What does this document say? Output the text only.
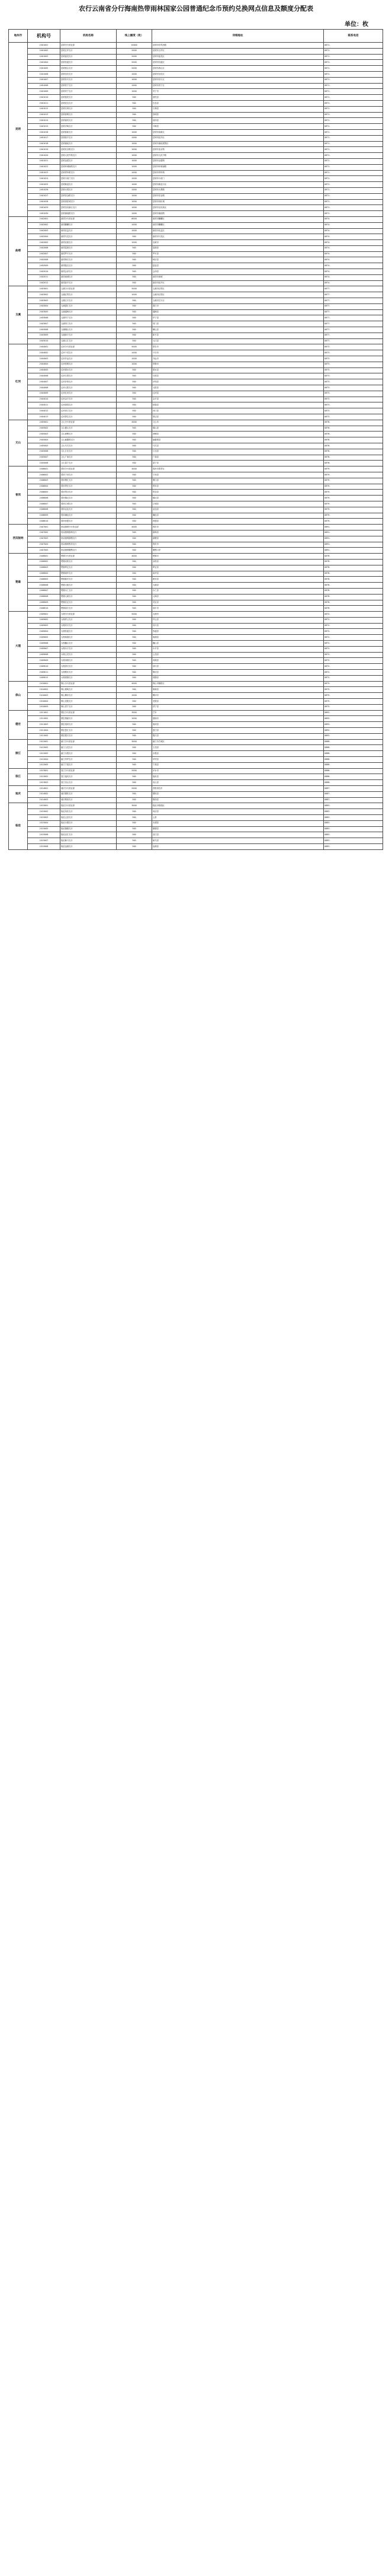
农行云南省分行海南热带雨林国家公园普通纪念币预约兑换网点信息及额度分配表
单位：枚
地州市	机构号	机构名称	线上额度（枚）	详细地址	联系电话
昆明	2401001	昆明分行营业部	10000	昆明市东风西路	0871-
	2401002	昆明五华支行	2000	昆明市五华区	0871-
	2401003	昆明盘龙支行	2000	昆明市盘龙区	0871-
	2401004	昆明官渡支行	2000	昆明市官渡区	0871-
	2401005	昆明西山支行	2000	昆明市西山区	0871-
	2401006	昆明呈贡支行	1000	昆明市呈贡区	0871-
	2401007	昆明东川支行	1000	昆明市东川区	0871-
	2401008	昆明晋宁支行	1000	昆明市晋宁区	0871-
	2401009	昆明安宁支行	1000	安宁市	0871-
	2401010	昆明富民支行	500	富民县	0871-
	2401011	昆明宜良支行	500	宜良县	0871-
	2401012	昆明石林支行	500	石林县	0871-
	2401013	昆明嵩明支行	500	嵩明县	0871-
	2401014	昆明禄劝支行	500	禄劝县	0871-
	2401015	昆明寻甸支行	500	寻甸县	0871-
	2401016	昆明高新支行	1000	昆明市高新区	0871-
	2401017	昆明经开支行	1000	昆明市经开区	0871-
	2401018	昆明滇池支行	1000	昆明市滇池度假区	0871-
	2401019	昆明北京路支行	1000	昆明市北京路	0871-
	2401020	昆明人民中路支行	1000	昆明市人民中路	0871-
	2401021	昆明金碧支行	1000	昆明市金碧路	0871-
	2401022	昆明环城南路支行	1000	昆明市环城南路	0871-
	2401023	昆明青年路支行	1000	昆明市青年路	0871-
	2401024	昆明小西门支行	1000	昆明市小西门	0871-
	2401025	昆明新迎支行	1000	昆明市新迎小区	0871-
	2401026	昆明大观支行	1000	昆明市大观路	0871-
	2401027	昆明穿金路支行	1000	昆明市穿金路	0871-
	2401028	昆明世纪城支行	1000	昆明市世纪城	0871-
	2401029	昆明呈贡新区支行	1000	昆明市呈贡新区	0871-
	2401030	昆明滇池路支行	1000	昆明市滇池路	0871-
曲靖	2402001	曲靖分行营业部	6000	曲靖市麒麟区	0874-
	2402002	曲靖麒麟支行	1000	曲靖市麒麟区	0874-
	2402003	曲靖沾益支行	1000	曲靖市沾益区	0874-
	2402004	曲靖马龙支行	500	曲靖市马龙区	0874-
	2402005	曲靖宣威支行	1000	宣威市	0874-
	2402006	曲靖富源支行	500	富源县	0874-
	2402007	曲靖罗平支行	500	罗平县	0874-
	2402008	曲靖师宗支行	500	师宗县	0874-
	2402009	曲靖陆良支行	500	陆良县	0874-
	2402010	曲靖会泽支行	500	会泽县	0874-
	2402011	曲靖南城支行	500	曲靖市南城	0874-
	2402012	曲靖经开支行	500	曲靖市经开区	0874-
玉溪	2403001	玉溪分行营业部	5000	玉溪市红塔区	0877-
	2403002	玉溪红塔支行	1000	玉溪市红塔区	0877-
	2403003	玉溪江川支行	500	玉溪市江川区	0877-
	2403004	玉溪澄江支行	500	澄江市	0877-
	2403005	玉溪通海支行	500	通海县	0877-
	2403006	玉溪华宁支行	500	华宁县	0877-
	2403007	玉溪易门支行	500	易门县	0877-
	2403008	玉溪峨山支行	500	峨山县	0877-
	2403009	玉溪新平支行	500	新平县	0877-
	2403010	玉溪元江支行	500	元江县	0877-
红河	2404001	红河分行营业部	5000	蒙自市	0873-
	2404002	红河个旧支行	1000	个旧市	0873-
	2404003	红河开远支行	1000	开远市	0873-
	2404004	红河弥勒支行	1000	弥勒市	0873-
	2404005	红河建水支行	500	建水县	0873-
	2404006	红河石屏支行	500	石屏县	0873-
	2404007	红河泸西支行	500	泸西县	0873-
	2404008	红河元阳支行	500	元阳县	0873-
	2404009	红河红河支行	500	红河县	0873-
	2404010	红河金平支行	500	金平县	0873-
	2404011	红河绿春支行	500	绿春县	0873-
	2404012	红河河口支行	500	河口县	0873-
	2404013	红河屏边支行	500	屏边县	0873-
文山	2405001	文山分行营业部	4000	文山市	0876-
	2405002	文山砚山支行	500	砚山县	0876-
	2405003	文山西畴支行	500	西畴县	0876-
	2405004	文山麻栗坡支行	500	麻栗坡县	0876-
	2405005	文山马关支行	500	马关县	0876-
	2405006	文山丘北支行	500	丘北县	0876-
	2405007	文山广南支行	500	广南县	0876-
	2405008	文山富宁支行	500	富宁县	0876-
普洱	2406001	普洱分行营业部	4000	普洱市思茅区	0879-
	2406002	普洱宁洱支行	500	宁洱县	0879-
	2406003	普洱墨江支行	500	墨江县	0879-
	2406004	普洱景东支行	500	景东县	0879-
	2406005	普洱景谷支行	500	景谷县	0879-
	2406006	普洱镇沅支行	500	镇沅县	0879-
	2406007	普洱江城支行	500	江城县	0879-
	2406008	普洱孟连支行	500	孟连县	0879-
	2406009	普洱澜沧支行	500	澜沧县	0879-
	2406010	普洱西盟支行	500	西盟县	0879-
西双版纳	2407001	西双版纳分行营业部	4000	景洪市	0691-
	2407002	西双版纳勐海支行	500	勐海县	0691-
	2407003	西双版纳勐腊支行	500	勐腊县	0691-
	2407004	西双版纳景洪支行	500	景洪市	0691-
	2407005	西双版纳磨憨支行	500	磨憨口岸	0691-
楚雄	2408001	楚雄分行营业部	4000	楚雄市	0878-
	2408002	楚雄双柏支行	500	双柏县	0878-
	2408003	楚雄牟定支行	500	牟定县	0878-
	2408004	楚雄南华支行	500	南华县	0878-
	2408005	楚雄姚安支行	500	姚安县	0878-
	2408006	楚雄大姚支行	500	大姚县	0878-
	2408007	楚雄永仁支行	500	永仁县	0878-
	2408008	楚雄元谋支行	500	元谋县	0878-
	2408009	楚雄武定支行	500	武定县	0878-
	2408010	楚雄禄丰支行	500	禄丰市	0878-
大理	2409001	大理分行营业部	5000	大理市	0872-
	2409002	大理祥云支行	500	祥云县	0872-
	2409003	大理宾川支行	500	宾川县	0872-
	2409004	大理弥渡支行	500	弥渡县	0872-
	2409005	大理南涧支行	500	南涧县	0872-
	2409006	大理巍山支行	500	巍山县	0872-
	2409007	大理永平支行	500	永平县	0872-
	2409008	大理云龙支行	500	云龙县	0872-
	2409009	大理洱源支行	500	洱源县	0872-
	2409010	大理剑川支行	500	剑川县	0872-
	2409011	大理鹤庆支行	500	鹤庆县	0872-
	2409012	大理漾濞支行	500	漾濞县	0872-
保山	2410001	保山分行营业部	4000	保山市隆阳区	0875-
	2410002	保山施甸支行	500	施甸县	0875-
	2410003	保山腾冲支行	1000	腾冲市	0875-
	2410004	保山龙陵支行	500	龙陵县	0875-
	2410005	保山昌宁支行	500	昌宁县	0875-
德宏	2411001	德宏分行营业部	3000	芒市	0692-
	2411002	德宏瑞丽支行	1000	瑞丽市	0692-
	2411003	德宏梁河支行	500	梁河县	0692-
	2411004	德宏盈江支行	500	盈江县	0692-
	2411005	德宏陇川支行	500	陇川县	0692-
丽江	2412001	丽江分行营业部	3000	丽江市古城区	0888-
	2412002	丽江玉龙支行	500	玉龙县	0888-
	2412003	丽江永胜支行	500	永胜县	0888-
	2412004	丽江华坪支行	500	华坪县	0888-
	2412005	丽江宁蒗支行	500	宁蒗县	0888-
怒江	2413001	怒江分行营业部	2000	泸水市	0886-
	2413002	怒江福贡支行	500	福贡县	0886-
	2413003	怒江贡山支行	500	贡山县	0886-
迪庆	2414001	迪庆分行营业部	2000	香格里拉市	0887-
	2414002	迪庆德钦支行	500	德钦县	0887-
	2414003	迪庆维西支行	500	维西县	0887-
临沧	2415001	临沧分行营业部	3000	临沧市临翔区	0883-
	2415002	临沧凤庆支行	500	凤庆县	0883-
	2415003	临沧云县支行	500	云县	0883-
	2415004	临沧永德支行	500	永德县	0883-
	2415005	临沧镇康支行	500	镇康县	0883-
	2415006	临沧双江支行	500	双江县	0883-
	2415007	临沧耿马支行	500	耿马县	0883-
	2415008	临沧沧源支行	500	沧源县	0883-
